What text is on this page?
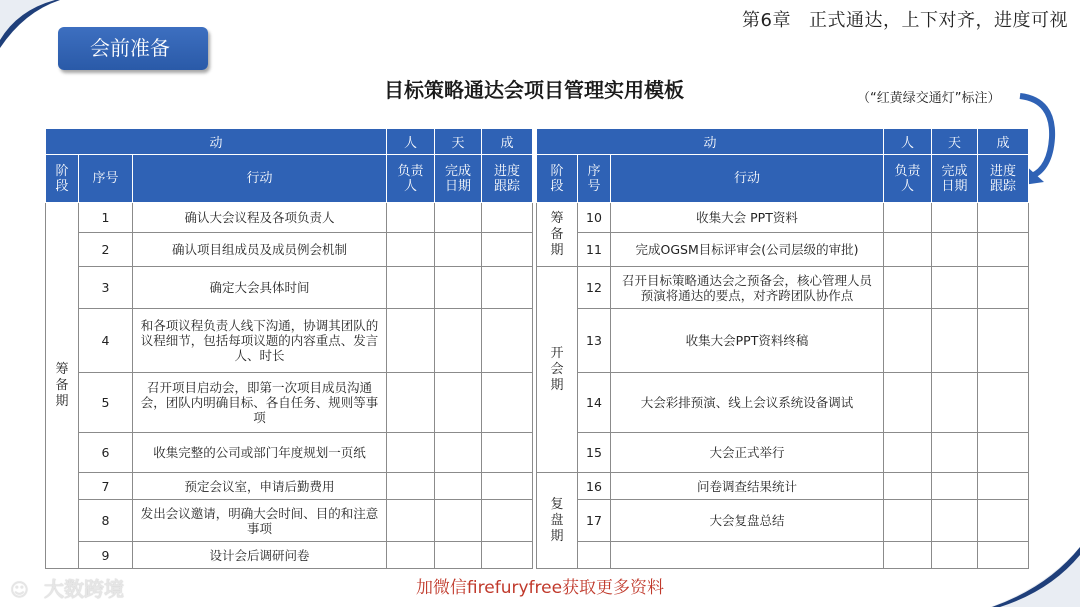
第6章 正式通达，上下对齐，进度可视
会前准备
目标策略通达会项目管理实用模板	（“红黄绿交通灯”标注）
动			人	天	成		动			人	天	成
阶段	序号	行动	负责人	完成日期	进度跟踪		阶段	序号	行动	负责人	完成日期	进度跟踪
筹备期	1	确认大会议程及各项负责人					筹备期	10	收集大会 PPT资料			
	2	确认项目组成员及成员例会机制						11	完成OGSM目标评审会(公司层级的审批)			
	3	确定大会具体时间					开会期	12	召开目标策略通达会之预备会，核心管理人员预演将通达的要点，对齐跨团队协作点			
	4	和各项议程负责人线下沟通，协调其团队的议程细节，包括每项议题的内容重点、发言人、时长						13	收集大会PPT资料终稿			
	5	召开项目启动会，即第一次项目成员沟通会，团队内明确目标、各自任务、规则等事项						14	大会彩排预演、线上会议系统设备调试			
	6	收集完整的公司或部门年度规划一页纸						15	大会正式举行			
	7	预定会议室，申请后勤费用					复盘期	16	问卷调查结果统计			
	8	发出会议邀请，明确大会时间、目的和注意事项						17	大会复盘总结			
	9	设计会后调研问卷										
☺ 大数跨境	加微信firefuryfree获取更多资料
